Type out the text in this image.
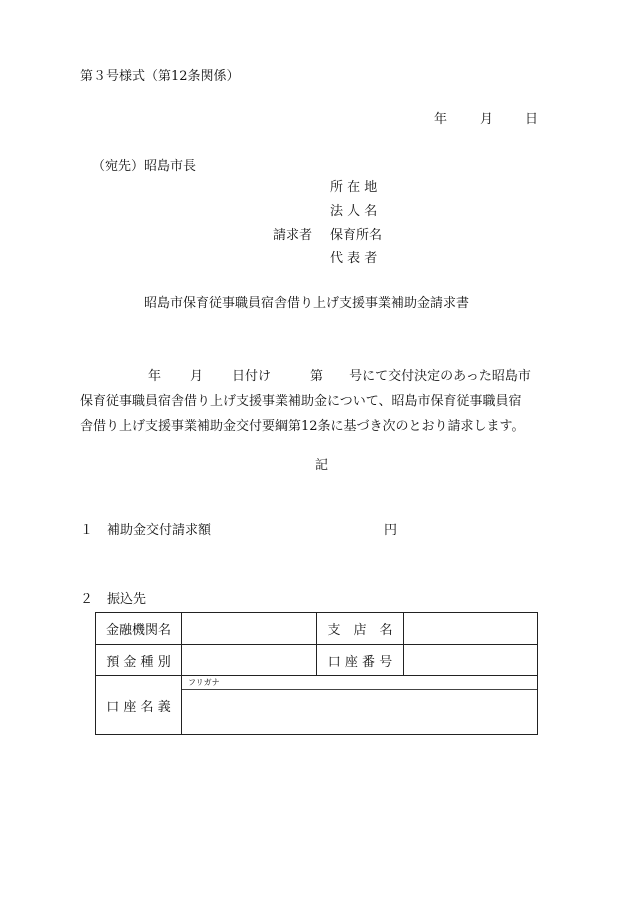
第３号様式（第12条関係）
年	月 日
（宛先）昭島市長
所 在 地
法 人 名
請求者 保育所名
代 表 者
昭島市保育従事職員宿舎借り上げ支援事業補助金請求書
年 月 日付け	第 号にて交付決定のあった昭島市
保育従事職員宿舎借り上げ支援事業補助金について、昭島市保育従事職員宿
舎借り上げ支援事業補助金交付要綱第12条に基づき次のとおり請求します。
記
１ 補助金交付請求額	円
２ 振込先
金融機関名		支　店　名	
預 金 種 別		口 座 番 号	
口 座 名 義	フリガナ		
